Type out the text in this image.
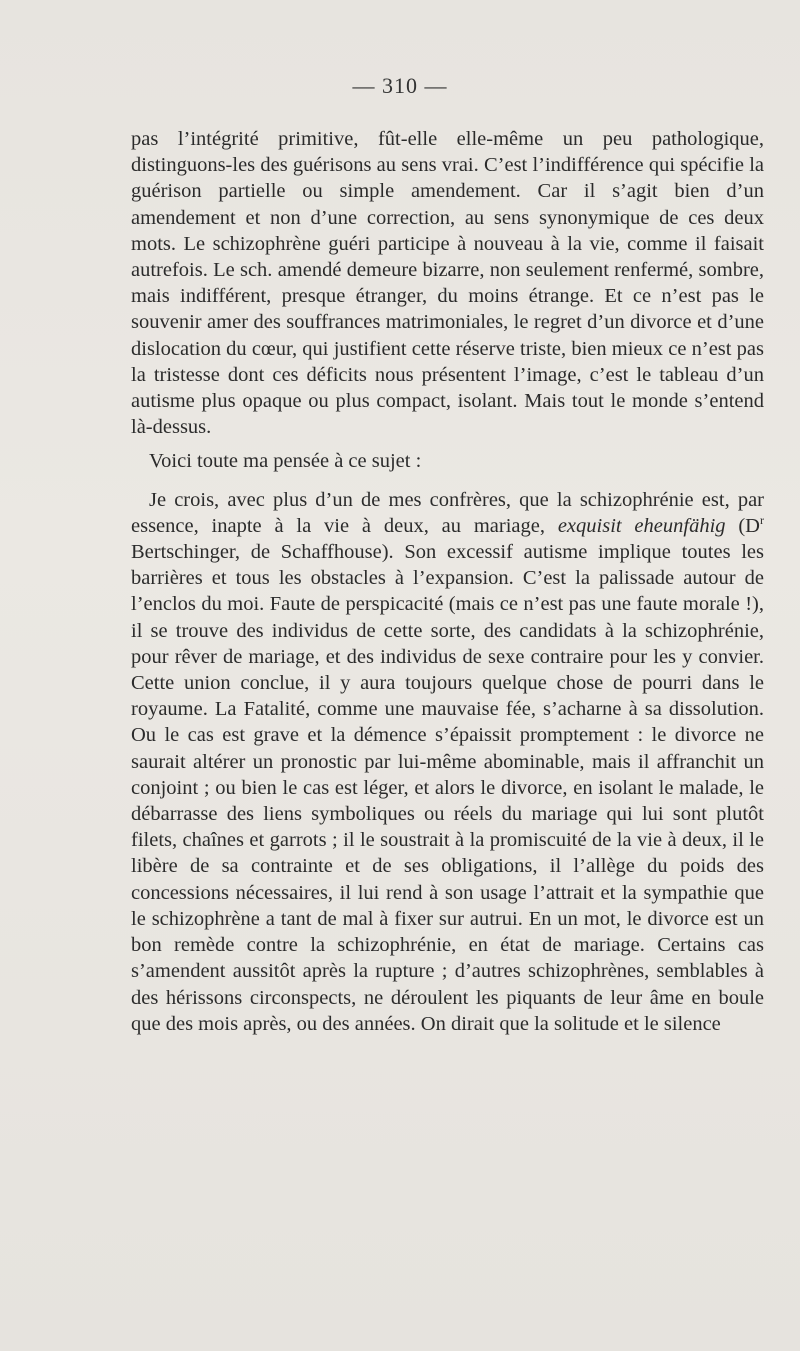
— 310 —

pas l’intégrité primitive, fût-elle elle-même un peu pathologique, distinguons-les des guérisons au sens vrai. C’est l’indifférence qui spécifie la guérison partielle ou simple amendement. Car il s’agit bien d’un amendement et non d’une correction, au sens synonymique de ces deux mots. Le schizophrène guéri participe à nouveau à la vie, comme il faisait autrefois. Le sch. amendé demeure bizarre, non seulement renfermé, sombre, mais indifférent, presque étranger, du moins étrange. Et ce n’est pas le souvenir amer des souffrances matrimoniales, le regret d’un divorce et d’une dislocation du cœur, qui justifient cette réserve triste, bien mieux ce n’est pas la tristesse dont ces déficits nous présentent l’image, c’est le tableau d’un autisme plus opaque ou plus compact, isolant. Mais tout le monde s’entend là-dessus.

Voici toute ma pensée à ce sujet :

Je crois, avec plus d’un de mes confrères, que la schizophrénie est, par essence, inapte à la vie à deux, au mariage, exquisit eheunfähig ($D^r$ Bertschinger, de Schaffhouse). Son excessif autisme implique toutes les barrières et tous les obstacles à l’expansion. C’est la palissade autour de l’enclos du moi. Faute de perspicacité (mais ce n’est pas une faute morale !), il se trouve des individus de cette sorte, des candidats à la schizophrénie, pour rêver de mariage, et des individus de sexe contraire pour les y convier. Cette union conclue, il y aura toujours quelque chose de pourri dans le royaume. La Fatalité, comme une mauvaise fée, s’acharne à sa dissolution. Ou le cas est grave et la démence s’épaissit promptement : le divorce ne saurait altérer un pronostic par lui-même abominable, mais il affranchit un conjoint ; ou bien le cas est léger, et alors le divorce, en isolant le malade, le débarrasse des liens symboliques ou réels du mariage qui lui sont plutôt filets, chaînes et garrots ; il le soustrait à la promiscuité de la vie à deux, il le libère de sa contrainte et de ses obligations, il l’allège du poids des concessions nécessaires, il lui rend à son usage l’attrait et la sympathie que le schizophrène a tant de mal à fixer sur autrui. En un mot, le divorce est un bon remède contre la schizophrénie, en état de mariage. Certains cas s’amendent aussitôt après la rupture ; d’autres schizophrènes, semblables à des hérissons circonspects, ne déroulent les piquants de leur âme en boule que des mois après, ou des années. On dirait que la solitude et le silence
